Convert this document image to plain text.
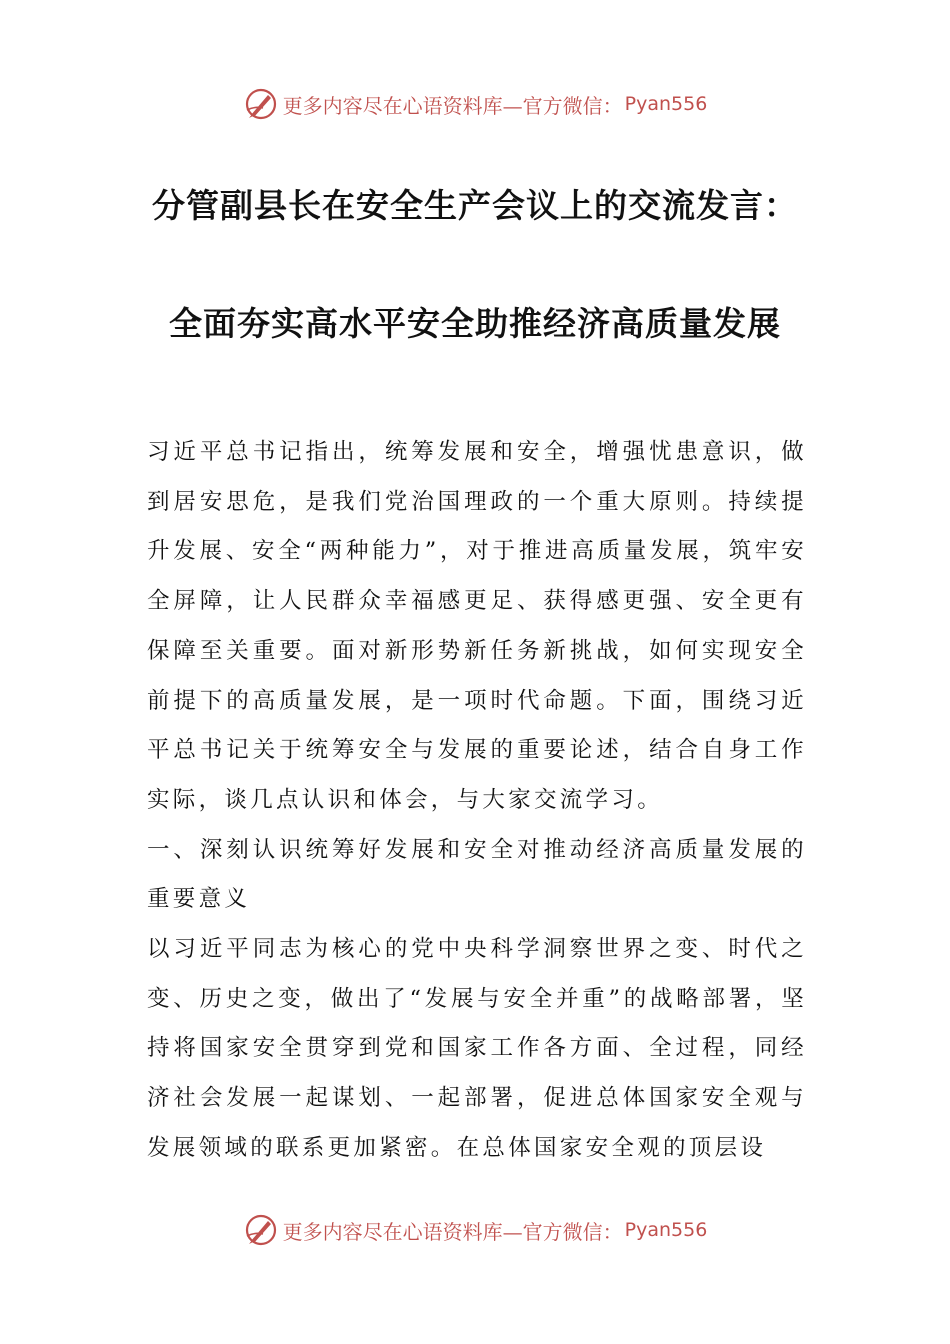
更多内容尽在心语资料库—官方微信： Pyan556
分管副县长在安全生产会议上的交流发言：
全面夯实高水平安全助推经济高质量发展

习近平总书记指出，统筹发展和安全，增强忧患意识，做到居安思危，是我们党治国理政的一个重大原则。持续提升发展、安全“两种能力”，对于推进高质量发展，筑牢安全屏障，让人民群众幸福感更足、获得感更强、安全更有保障至关重要。面对新形势新任务新挑战，如何实现安全前提下的高质量发展，是一项时代命题。下面，围绕习近平总书记关于统筹安全与发展的重要论述，结合自身工作实际，谈几点认识和体会，与大家交流学习。

一、深刻认识统筹好发展和安全对推动经济高质量发展的重要意义

以习近平同志为核心的党中央科学洞察世界之变、时代之变、历史之变，做出了“发展与安全并重”的战略部署，坚持将国家安全贯穿到党和国家工作各方面、全过程，同经济社会发展一起谋划、一起部署，促进总体国家安全观与发展领域的联系更加紧密。在总体国家安全观的顶层设

更多内容尽在心语资料库—官方微信： Pyan556
